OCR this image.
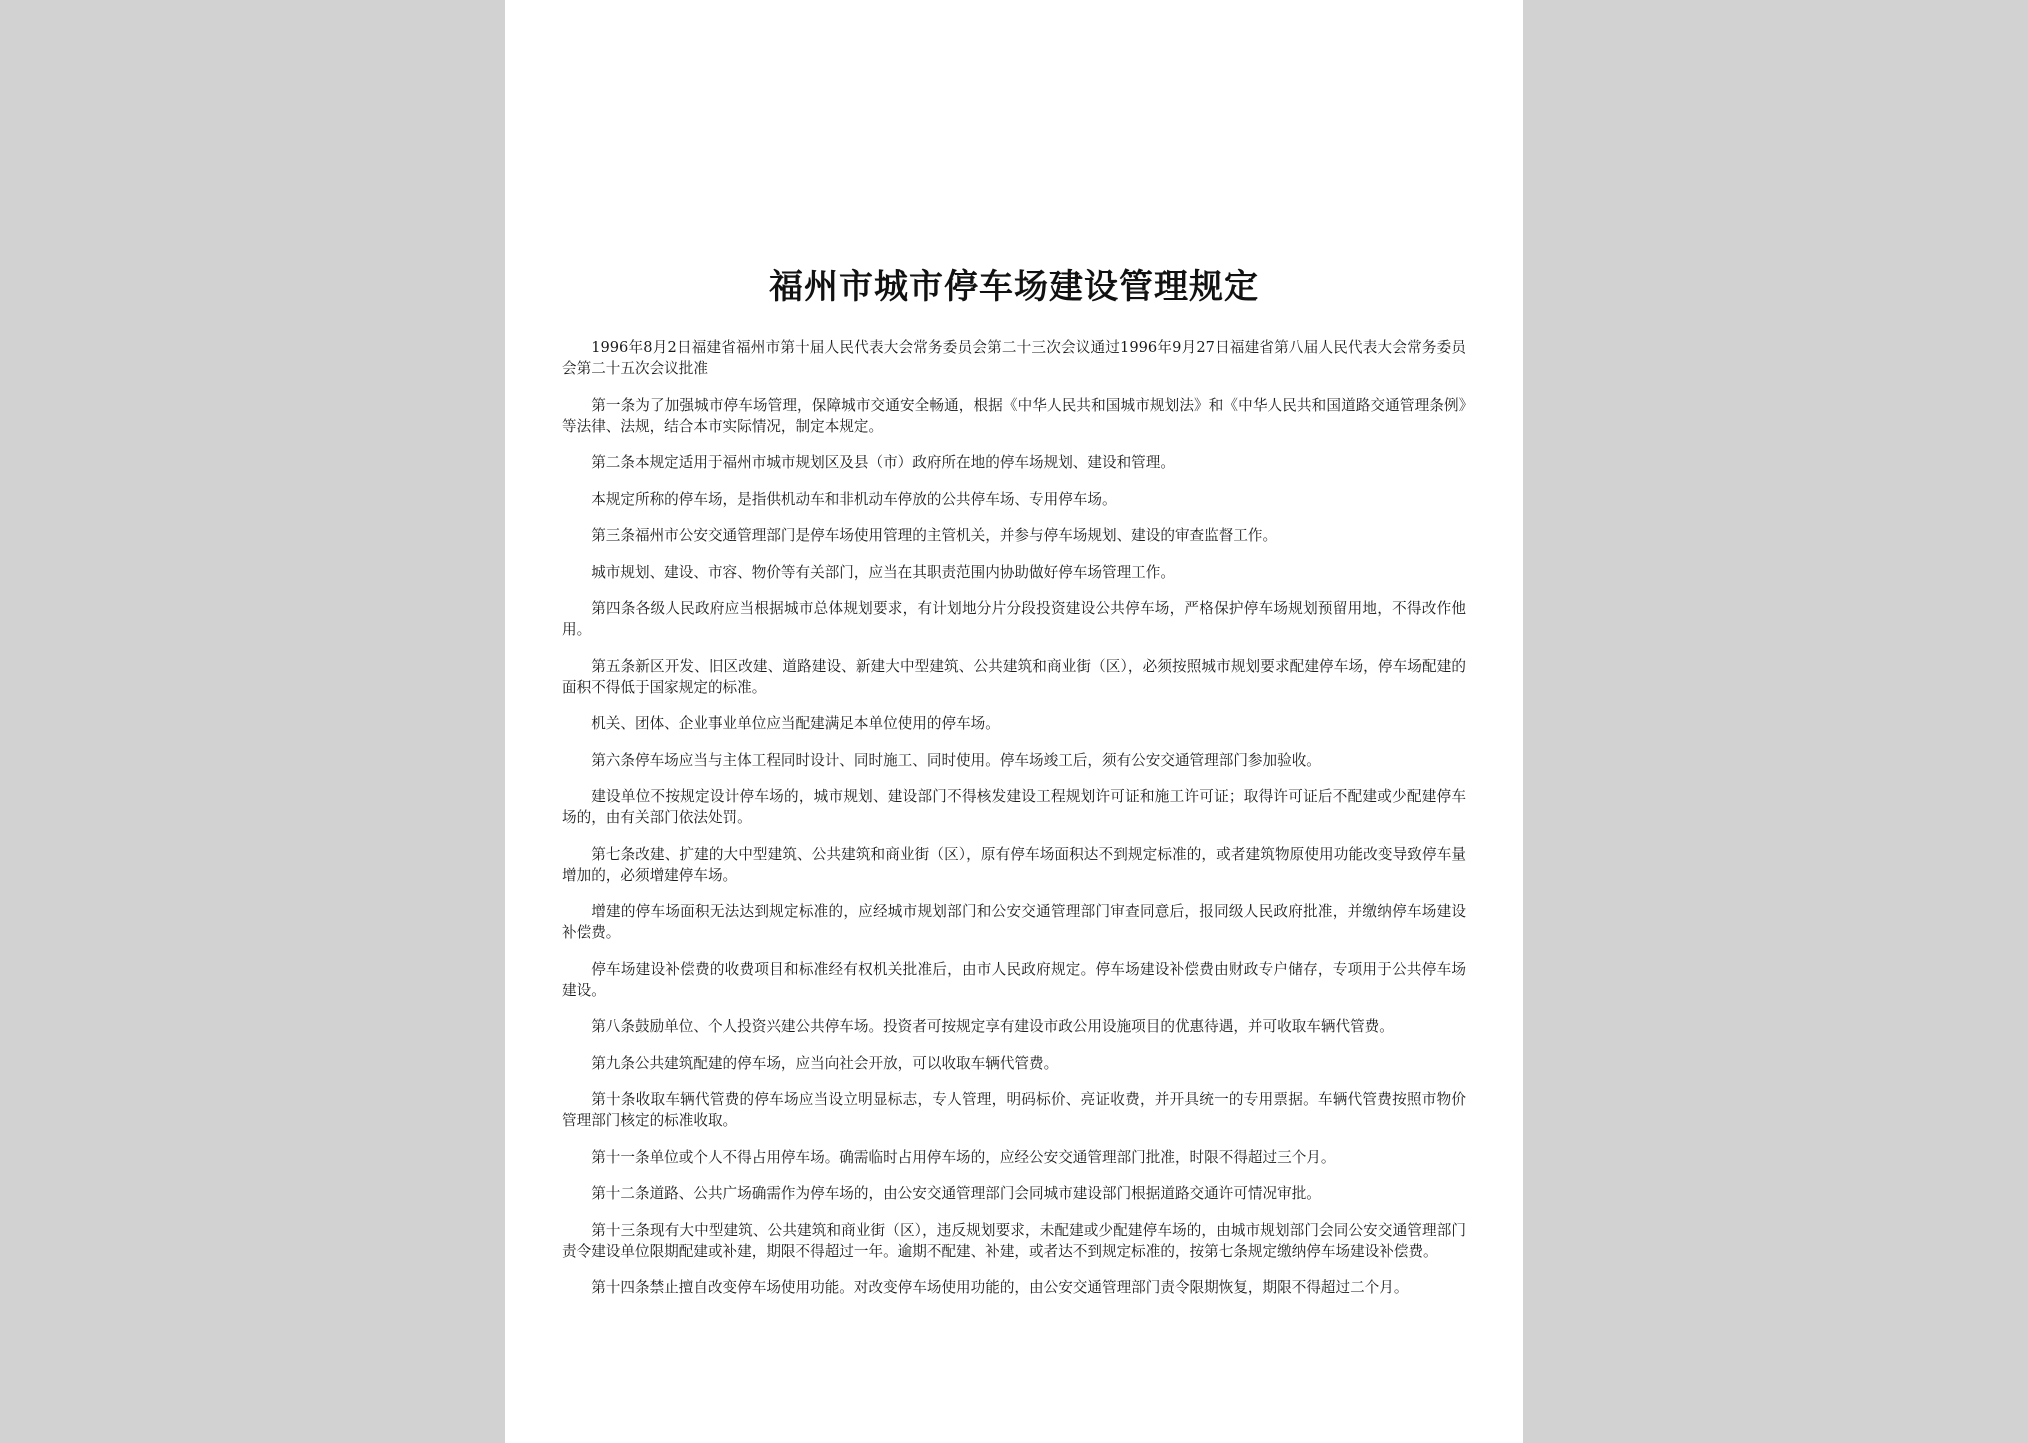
福州市城市停车场建设管理规定

1996年8月2日福建省福州市第十届人民代表大会常务委员会第二十三次会议通过1996年9月27日福建省第八届人民代表大会常务委员会第二十五次会议批准

第一条为了加强城市停车场管理，保障城市交通安全畅通，根据《中华人民共和国城市规划法》和《中华人民共和国道路交通管理条例》等法律、法规，结合本市实际情况，制定本规定。

第二条本规定适用于福州市城市规划区及县（市）政府所在地的停车场规划、建设和管理。

本规定所称的停车场，是指供机动车和非机动车停放的公共停车场、专用停车场。

第三条福州市公安交通管理部门是停车场使用管理的主管机关，并参与停车场规划、建设的审查监督工作。

城市规划、建设、市容、物价等有关部门，应当在其职责范围内协助做好停车场管理工作。

第四条各级人民政府应当根据城市总体规划要求，有计划地分片分段投资建设公共停车场，严格保护停车场规划预留用地，不得改作他用。

第五条新区开发、旧区改建、道路建设、新建大中型建筑、公共建筑和商业街（区），必须按照城市规划要求配建停车场，停车场配建的面积不得低于国家规定的标准。

机关、团体、企业事业单位应当配建满足本单位使用的停车场。

第六条停车场应当与主体工程同时设计、同时施工、同时使用。停车场竣工后，须有公安交通管理部门参加验收。

建设单位不按规定设计停车场的，城市规划、建设部门不得核发建设工程规划许可证和施工许可证；取得许可证后不配建或少配建停车场的，由有关部门依法处罚。

第七条改建、扩建的大中型建筑、公共建筑和商业街（区），原有停车场面积达不到规定标准的，或者建筑物原使用功能改变导致停车量增加的，必须增建停车场。

增建的停车场面积无法达到规定标准的，应经城市规划部门和公安交通管理部门审查同意后，报同级人民政府批准，并缴纳停车场建设补偿费。

停车场建设补偿费的收费项目和标准经有权机关批准后，由市人民政府规定。停车场建设补偿费由财政专户储存，专项用于公共停车场建设。

第八条鼓励单位、个人投资兴建公共停车场。投资者可按规定享有建设市政公用设施项目的优惠待遇，并可收取车辆代管费。

第九条公共建筑配建的停车场，应当向社会开放，可以收取车辆代管费。

第十条收取车辆代管费的停车场应当设立明显标志，专人管理，明码标价、亮证收费，并开具统一的专用票据。车辆代管费按照市物价管理部门核定的标准收取。

第十一条单位或个人不得占用停车场。确需临时占用停车场的，应经公安交通管理部门批准，时限不得超过三个月。

第十二条道路、公共广场确需作为停车场的，由公安交通管理部门会同城市建设部门根据道路交通许可情况审批。

第十三条现有大中型建筑、公共建筑和商业街（区），违反规划要求，未配建或少配建停车场的，由城市规划部门会同公安交通管理部门责令建设单位限期配建或补建，期限不得超过一年。逾期不配建、补建，或者达不到规定标准的，按第七条规定缴纳停车场建设补偿费。

第十四条禁止擅自改变停车场使用功能。对改变停车场使用功能的，由公安交通管理部门责令限期恢复，期限不得超过二个月。
